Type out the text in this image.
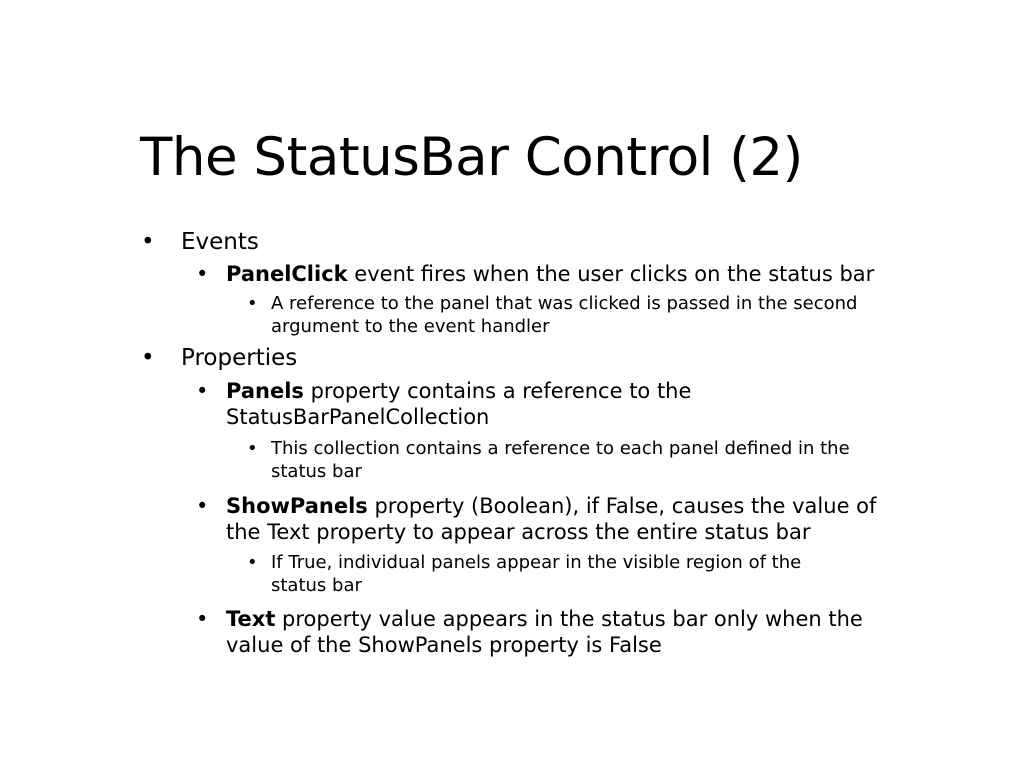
The StatusBar Control (2)

• Events

• PanelClick event fires when the user clicks on the status bar

• A reference to the panel that was clicked is passed in the second
argument to the event handler

• Properties

• Panels property contains a reference to the
StatusBarPanelCollection

• This collection contains a reference to each panel defined in the
status bar

• ShowPanels property (Boolean), if False, causes the value of
the Text property to appear across the entire status bar

• If True, individual panels appear in the visible region of the
status bar

• Text property value appears in the status bar only when the
value of the ShowPanels property is False
